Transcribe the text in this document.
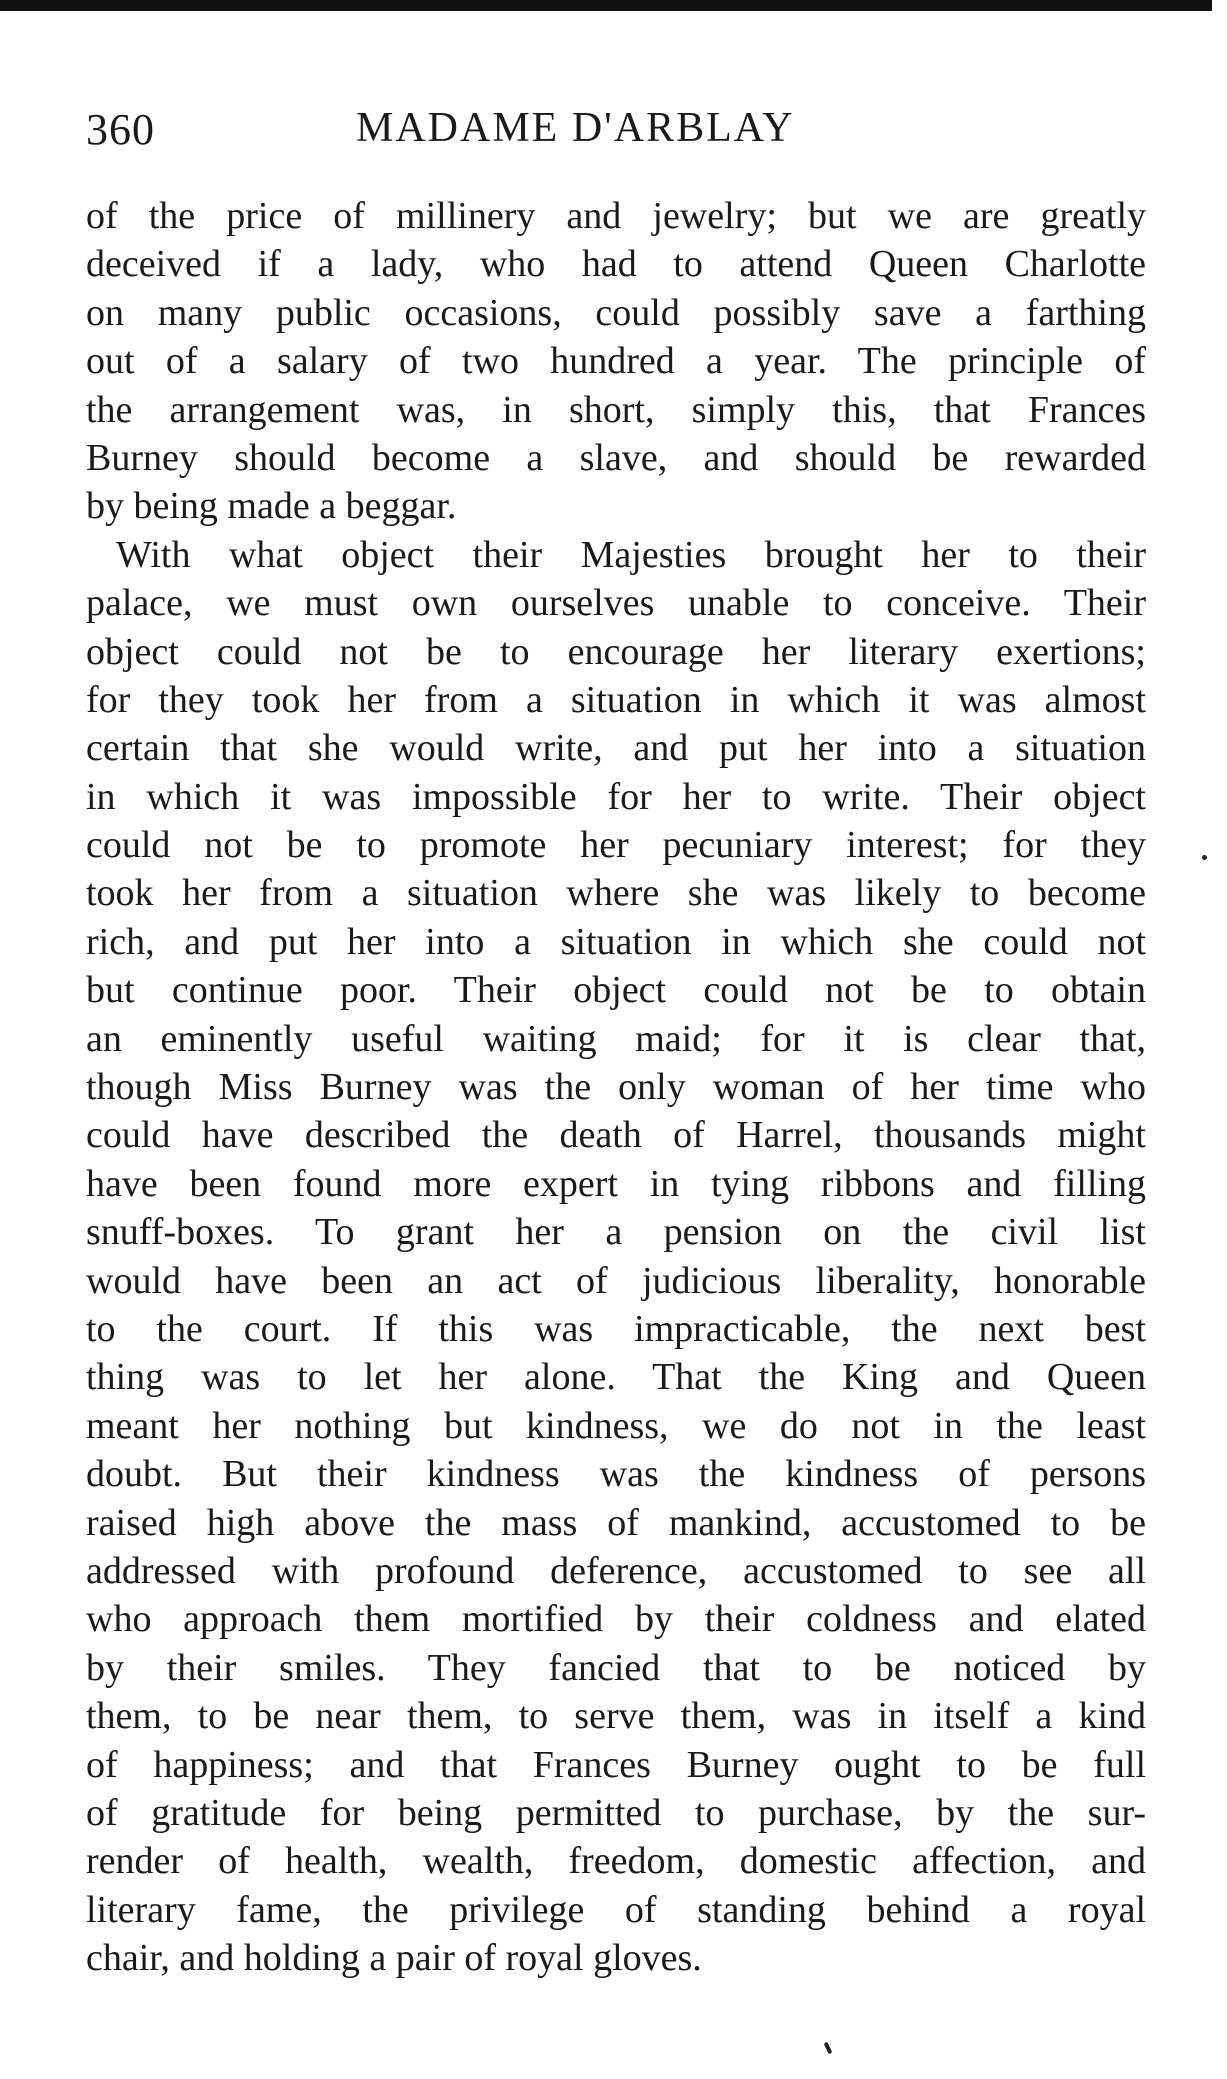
360	MADAME D'ARBLAY
of the price of millinery and jewelry; but we are greatly
deceived if a lady, who had to attend Queen Charlotte
on many public occasions, could possibly save a farthing
out of a salary of two hundred a year. The principle of
the arrangement was, in short, simply this, that Frances
Burney should become a slave, and should be rewarded
by being made a beggar.
With what object their Majesties brought her to their
palace, we must own ourselves unable to conceive. Their
object could not be to encourage her literary exertions;
for they took her from a situation in which it was almost
certain that she would write, and put her into a situation
in which it was impossible for her to write. Their object
could not be to promote her pecuniary interest; for they
took her from a situation where she was likely to become
rich, and put her into a situation in which she could not
but continue poor. Their object could not be to obtain
an eminently useful waiting maid; for it is clear that,
though Miss Burney was the only woman of her time who
could have described the death of Harrel, thousands might
have been found more expert in tying ribbons and filling
snuff-boxes. To grant her a pension on the civil list
would have been an act of judicious liberality, honorable
to the court. If this was impracticable, the next best
thing was to let her alone. That the King and Queen
meant her nothing but kindness, we do not in the least
doubt. But their kindness was the kindness of persons
raised high above the mass of mankind, accustomed to be
addressed with profound deference, accustomed to see all
who approach them mortified by their coldness and elated
by their smiles. They fancied that to be noticed by
them, to be near them, to serve them, was in itself a kind
of happiness; and that Frances Burney ought to be full
of gratitude for being permitted to purchase, by the sur-
render of health, wealth, freedom, domestic affection, and
literary fame, the privilege of standing behind a royal
chair, and holding a pair of royal gloves.
